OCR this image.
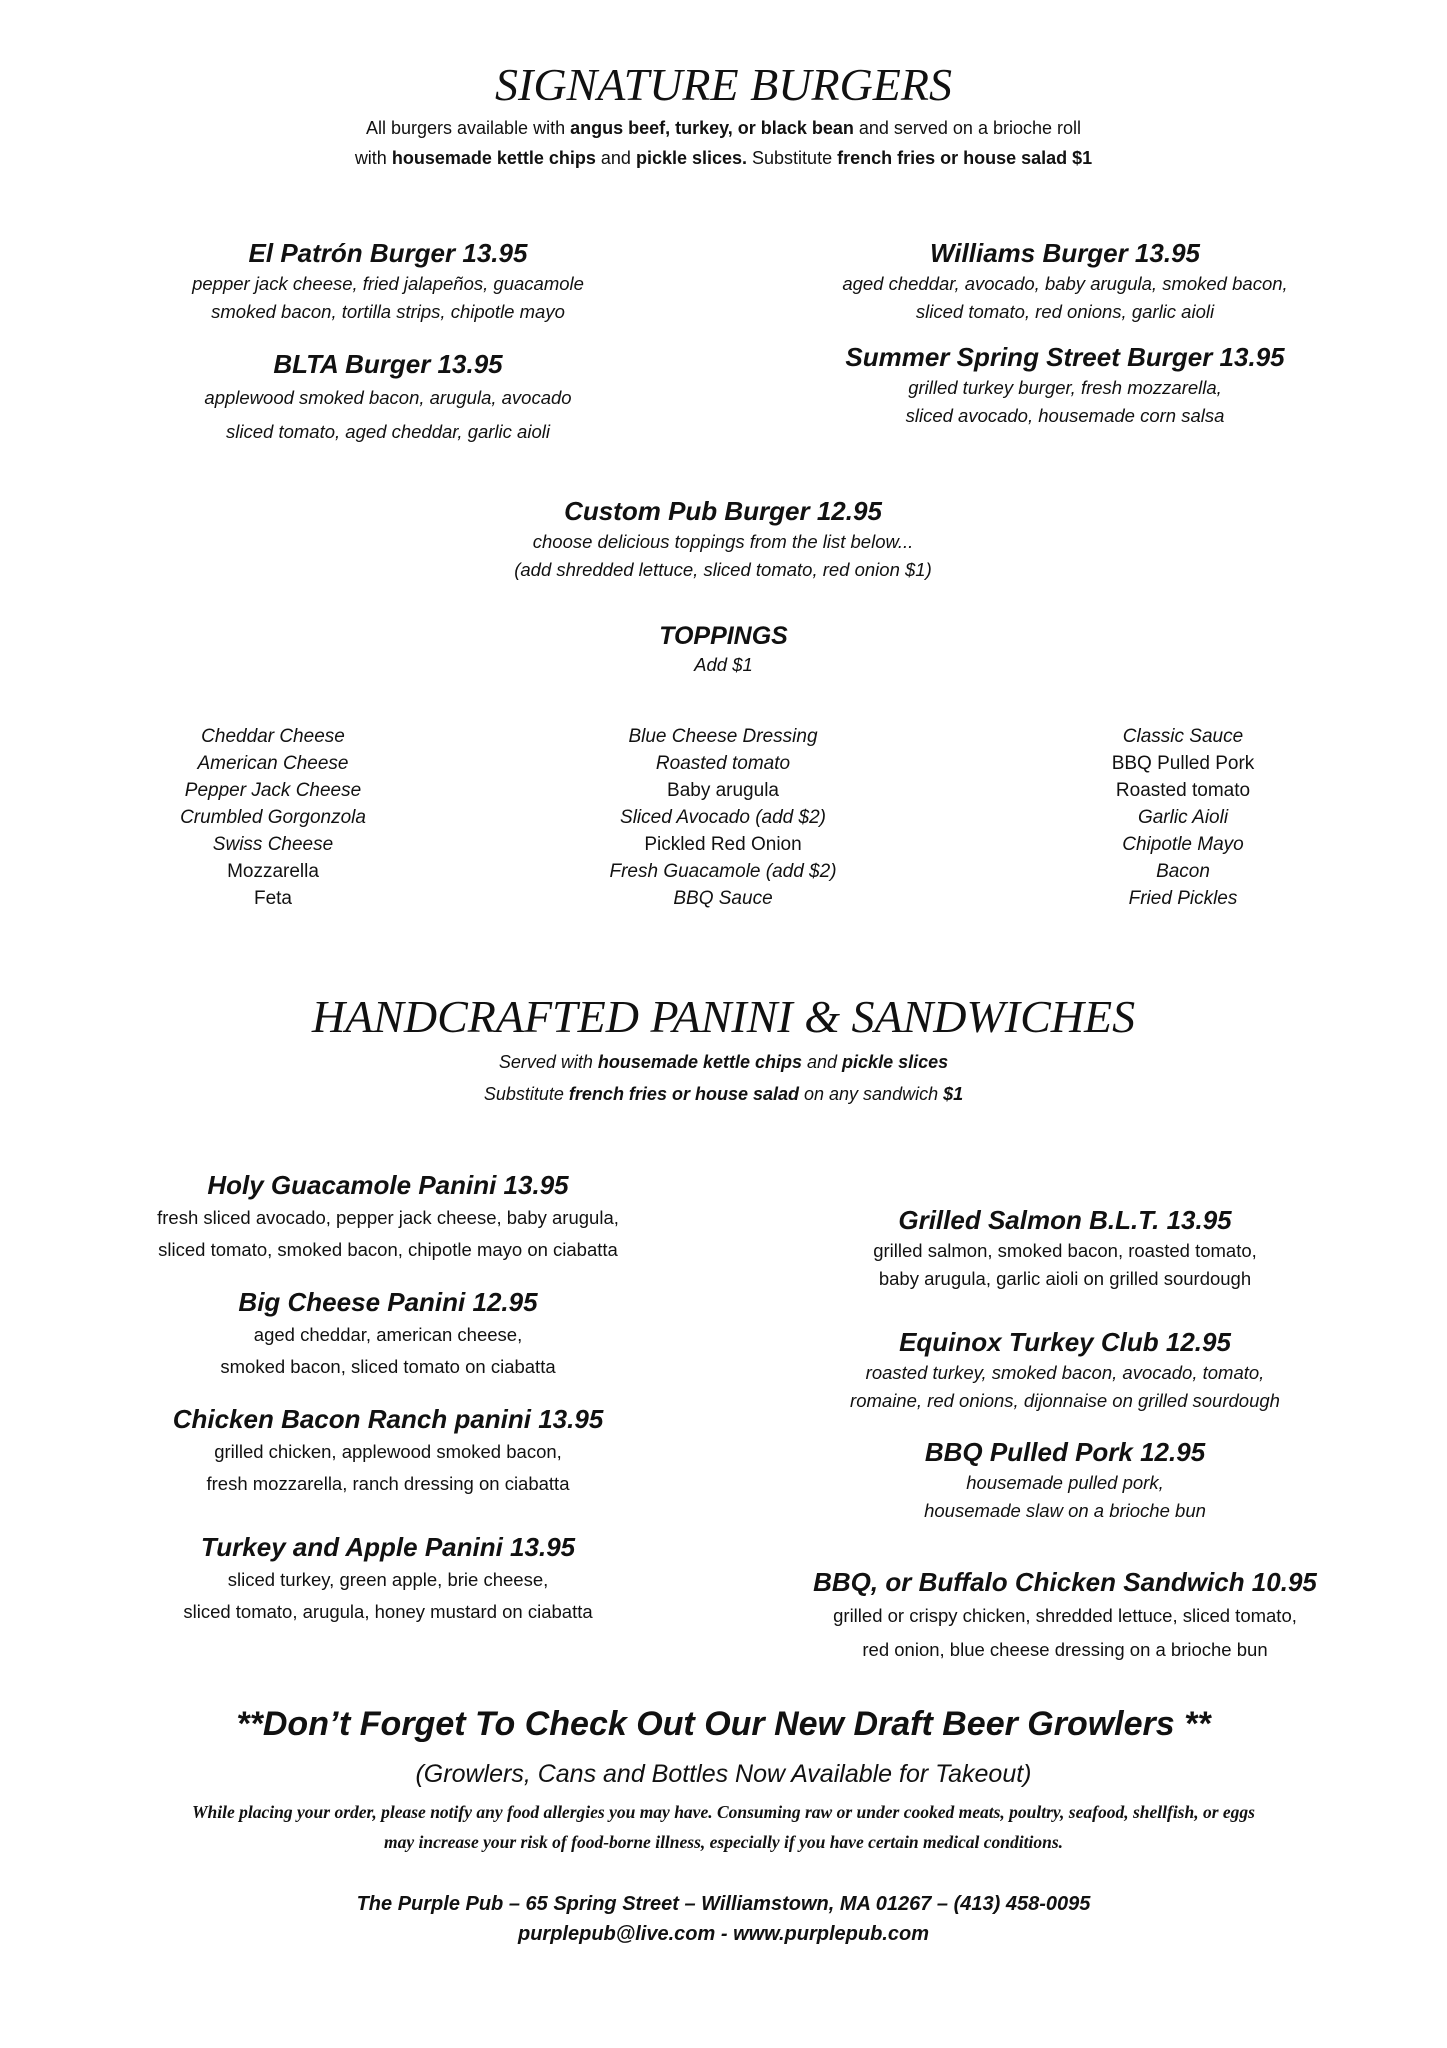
SIGNATURE BURGERS
All burgers available with angus beef, turkey, or black bean and served on a brioche roll
with housemade kettle chips and pickle slices. Substitute french fries or house salad $1
El Patrón Burger 13.95
pepper jack cheese, fried jalapeños, guacamole
smoked bacon, tortilla strips, chipotle mayo
BLTA Burger 13.95
applewood smoked bacon, arugula, avocado
sliced tomato, aged cheddar, garlic aioli
Williams Burger 13.95
aged cheddar, avocado, baby arugula, smoked bacon,
sliced tomato, red onions, garlic aioli
Summer Spring Street Burger 13.95
grilled turkey burger, fresh mozzarella,
sliced avocado, housemade corn salsa
Custom Pub Burger 12.95
choose delicious toppings from the list below...
(add shredded lettuce, sliced tomato, red onion $1)
TOPPINGS
Add $1
Cheddar Cheese
American Cheese
Pepper Jack Cheese
Crumbled Gorgonzola
Swiss Cheese
Mozzarella
Feta
Blue Cheese Dressing
Roasted tomato
Baby arugula
Sliced Avocado (add $2)
Pickled Red Onion
Fresh Guacamole (add $2)
BBQ Sauce
Classic Sauce
BBQ Pulled Pork
Roasted tomato
Garlic Aioli
Chipotle Mayo
Bacon
Fried Pickles
HANDCRAFTED PANINI & SANDWICHES
Served with housemade kettle chips and pickle slices
Substitute french fries or house salad on any sandwich $1
Holy Guacamole Panini 13.95
fresh sliced avocado, pepper jack cheese, baby arugula,
sliced tomato, smoked bacon, chipotle mayo on ciabatta
Big Cheese Panini 12.95
aged cheddar, american cheese,
smoked bacon, sliced tomato on ciabatta
Chicken Bacon Ranch panini 13.95
grilled chicken, applewood smoked bacon,
fresh mozzarella, ranch dressing on ciabatta
Turkey and Apple Panini 13.95
sliced turkey, green apple, brie cheese,
sliced tomato, arugula, honey mustard on ciabatta
Grilled Salmon B.L.T. 13.95
grilled salmon, smoked bacon, roasted tomato,
baby arugula, garlic aioli on grilled sourdough
Equinox Turkey Club 12.95
roasted turkey, smoked bacon, avocado, tomato,
romaine, red onions, dijonnaise on grilled sourdough
BBQ Pulled Pork 12.95
housemade pulled pork,
housemade slaw on a brioche bun
BBQ, or Buffalo Chicken Sandwich 10.95
grilled or crispy chicken, shredded lettuce, sliced tomato,
red onion, blue cheese dressing on a brioche bun
**Don’t Forget To Check Out Our New Draft Beer Growlers **
(Growlers, Cans and Bottles Now Available for Takeout)
While placing your order, please notify any food allergies you may have. Consuming raw or under cooked meats, poultry, seafood, shellfish, or eggs
may increase your risk of food-borne illness, especially if you have certain medical conditions.
The Purple Pub – 65 Spring Street – Williamstown, MA 01267 – (413) 458-0095
purplepub@live.com - www.purplepub.com
